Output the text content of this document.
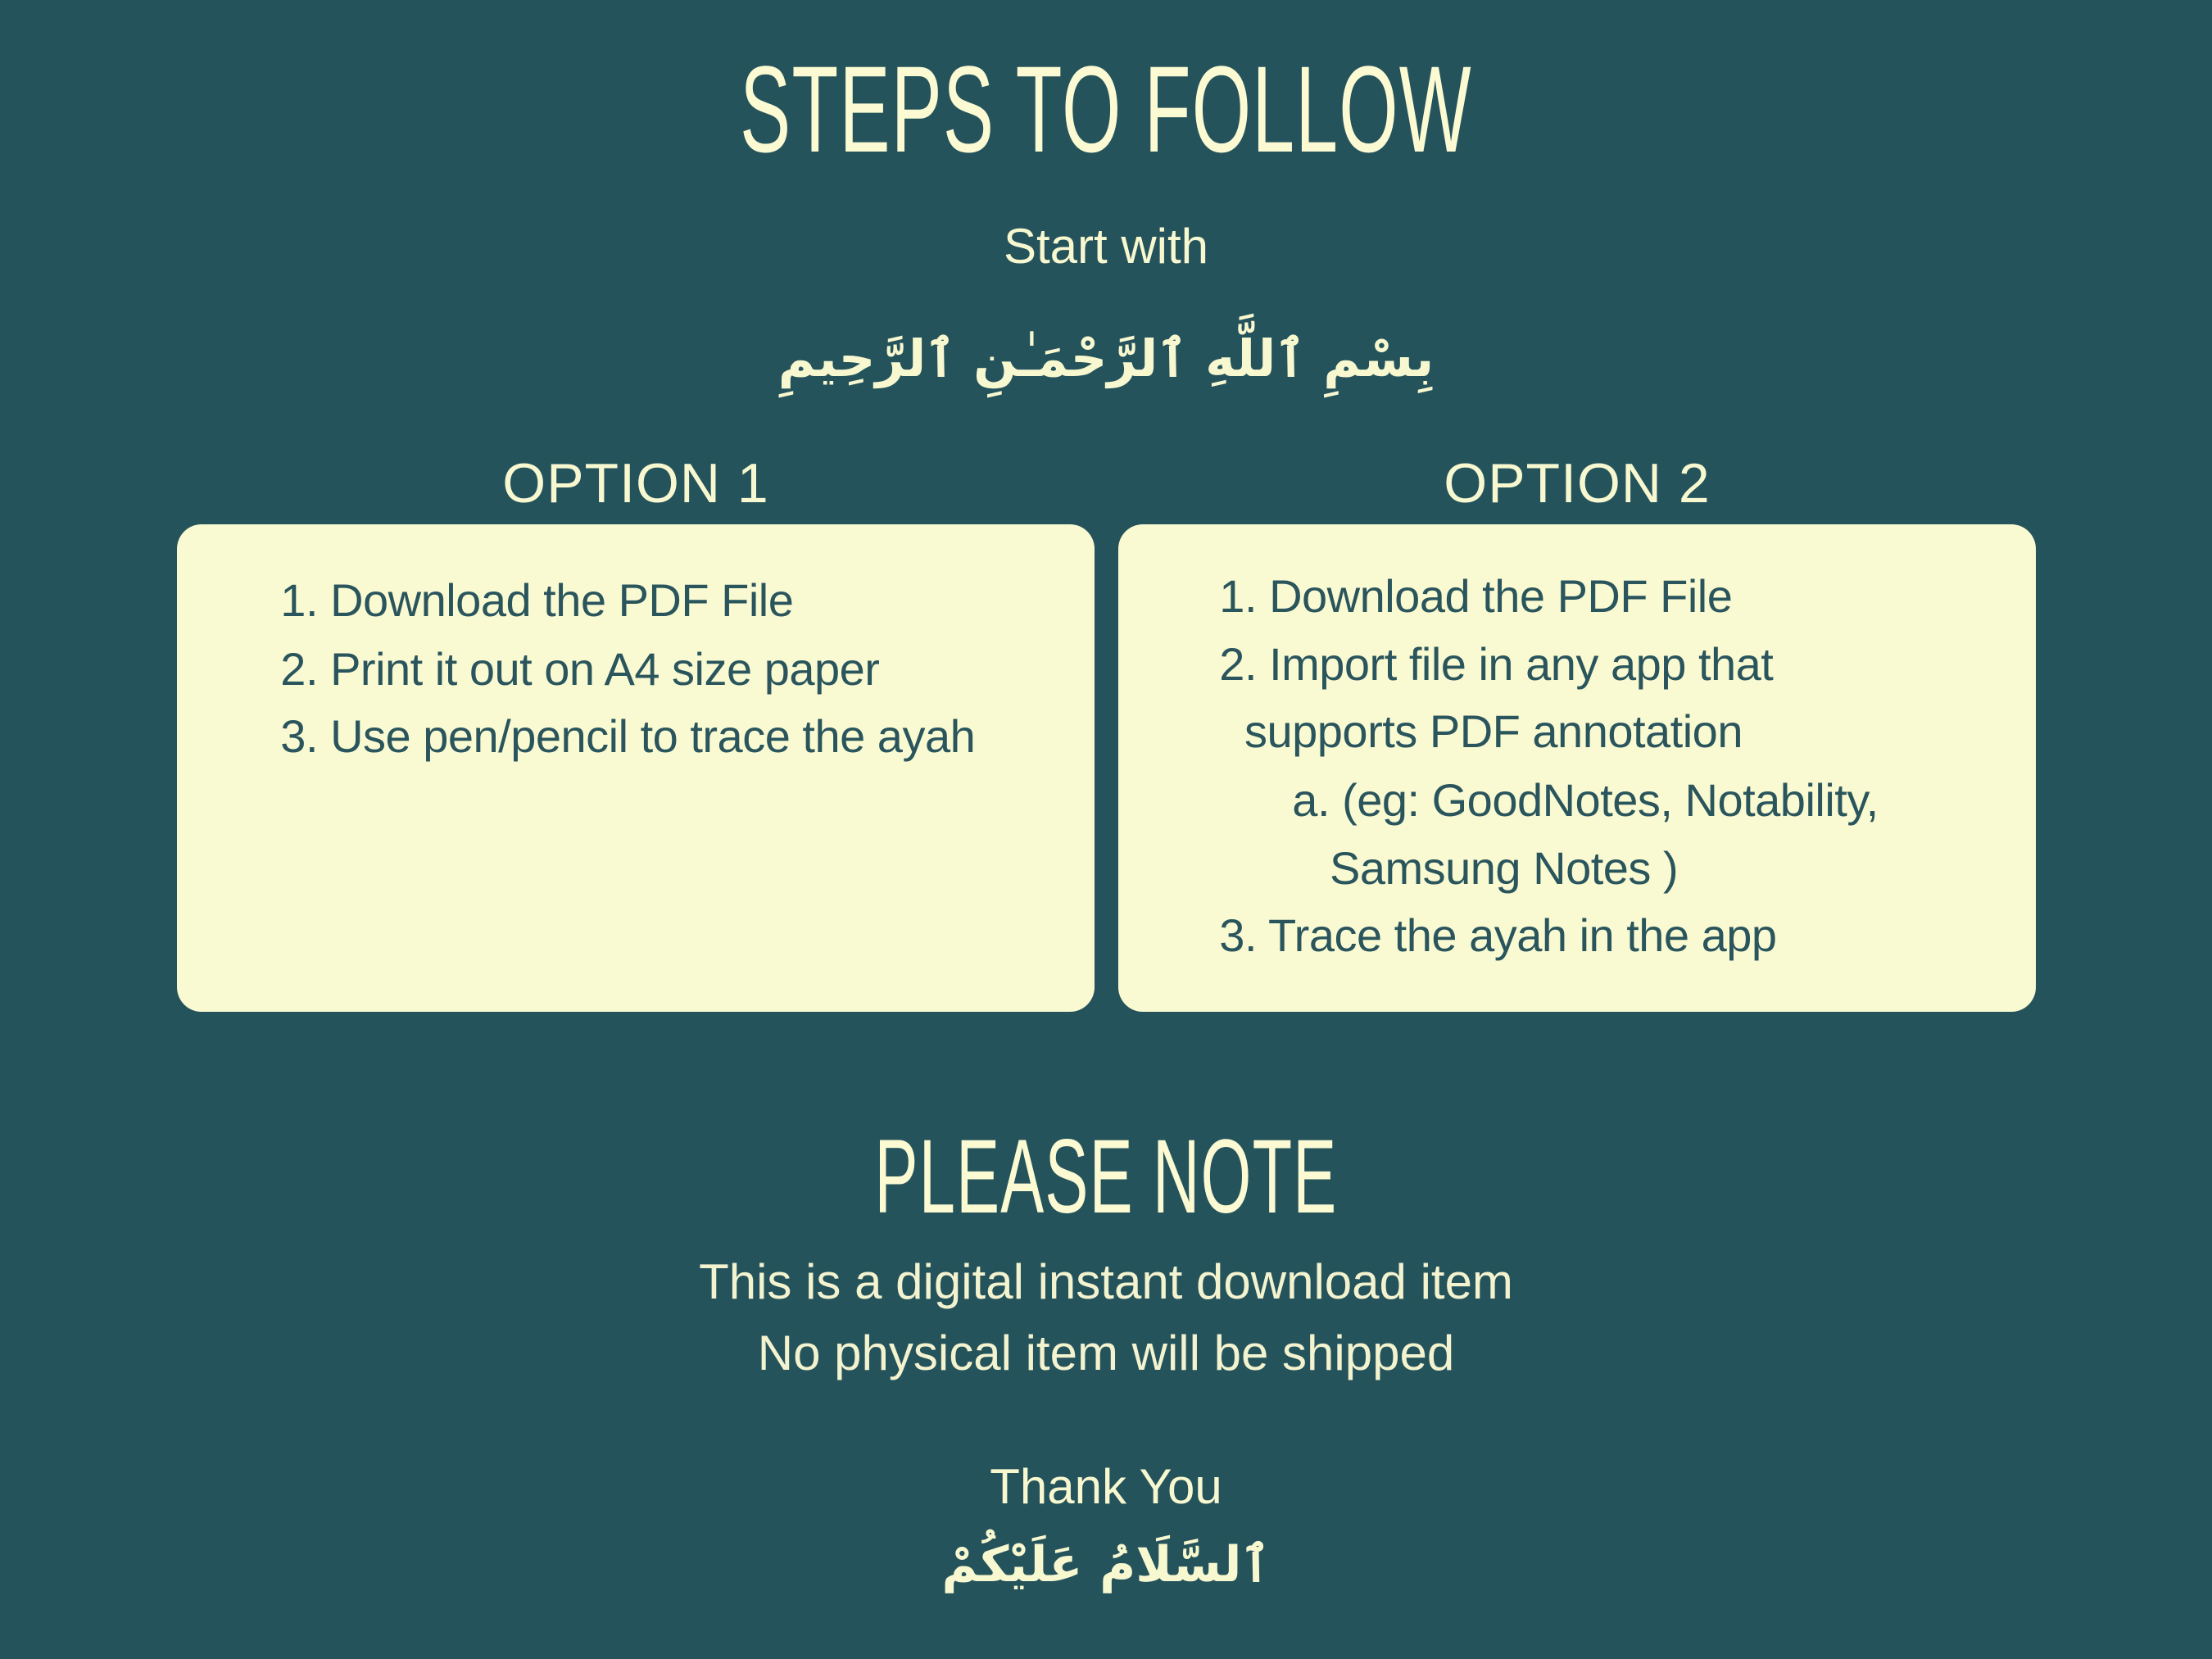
STEPS TO FOLLOW
Start with
بِسْمِ ٱللَّهِ ٱلرَّحْمَـٰنِ ٱلرَّحِيمِ
OPTION 1	OPTION 2
1. Download the PDF File
2. Print it out on A4 size paper
3. Use pen/pencil to trace the ayah
1. Download the PDF File
2. Import file in any app that
supports PDF annotation
a. (eg: GoodNotes, Notability,
Samsung Notes )
3. Trace the ayah in the app
PLEASE NOTE
This is a digital instant download item
No physical item will be shipped
Thank You
ٱلسَّلَامُ عَلَيْكُمْ
